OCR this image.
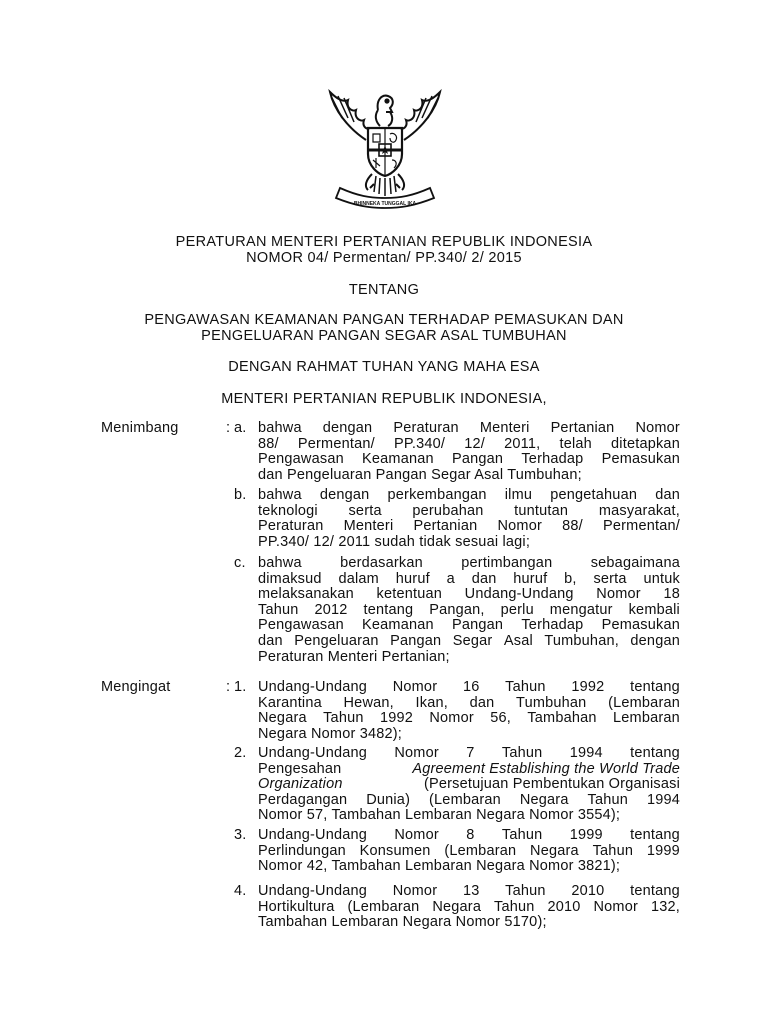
BHINNEKA TUNGGAL IKA
PERATURAN MENTERI PERTANIAN REPUBLIK INDONESIA
NOMOR 04/ Permentan/ PP.340/ 2/ 2015
TENTANG
PENGAWASAN KEAMANAN PANGAN TERHADAP PEMASUKAN DAN
PENGELUARAN PANGAN SEGAR ASAL TUMBUHAN
DENGAN RAHMAT TUHAN YANG MAHA ESA
MENTERI PERTANIAN REPUBLIK INDONESIA,
Menimbang	: a. bahwa dengan Peraturan Menteri Pertanian Nomor
88/ Permentan/ PP.340/ 12/ 2011, telah ditetapkan
Pengawasan Keamanan Pangan Terhadap Pemasukan
dan Pengeluaran Pangan Segar Asal Tumbuhan;
b. bahwa dengan perkembangan ilmu pengetahuan dan
teknologi serta perubahan tuntutan masyarakat,
Peraturan Menteri Pertanian Nomor 88/ Permentan/
PP.340/ 12/ 2011 sudah tidak sesuai lagi;
c. bahwa	berdasarkan	pertimbangan	sebagaimana
dimaksud dalam huruf a dan huruf b, serta untuk
melaksanakan ketentuan Undang-Undang Nomor 18
Tahun 2012 tentang Pangan, perlu mengatur kembali
Pengawasan Keamanan Pangan Terhadap Pemasukan
dan Pengeluaran Pangan Segar Asal Tumbuhan, dengan
Peraturan Menteri Pertanian;
Mengingat	: 1. Undang-Undang Nomor 16 Tahun 1992 tentang
Karantina Hewan, Ikan, dan Tumbuhan (Lembaran
Negara Tahun 1992 Nomor 56, Tambahan Lembaran
Negara Nomor 3482);
2. Undang-Undang Nomor 7 Tahun 1994 tentang
Pengesahan	Agreement Establishing the World Trade
Organization	(Persetujuan Pembentukan Organisasi
Perdagangan Dunia) (Lembaran Negara Tahun 1994
Nomor 57, Tambahan Lembaran Negara Nomor 3554);
3. Undang-Undang Nomor 8 Tahun 1999 tentang
Perlindungan Konsumen (Lembaran Negara Tahun 1999
Nomor 42, Tambahan Lembaran Negara Nomor 3821);
4. Undang-Undang Nomor 13 Tahun 2010 tentang
Hortikultura (Lembaran Negara Tahun 2010 Nomor 132,
Tambahan Lembaran Negara Nomor 5170);
